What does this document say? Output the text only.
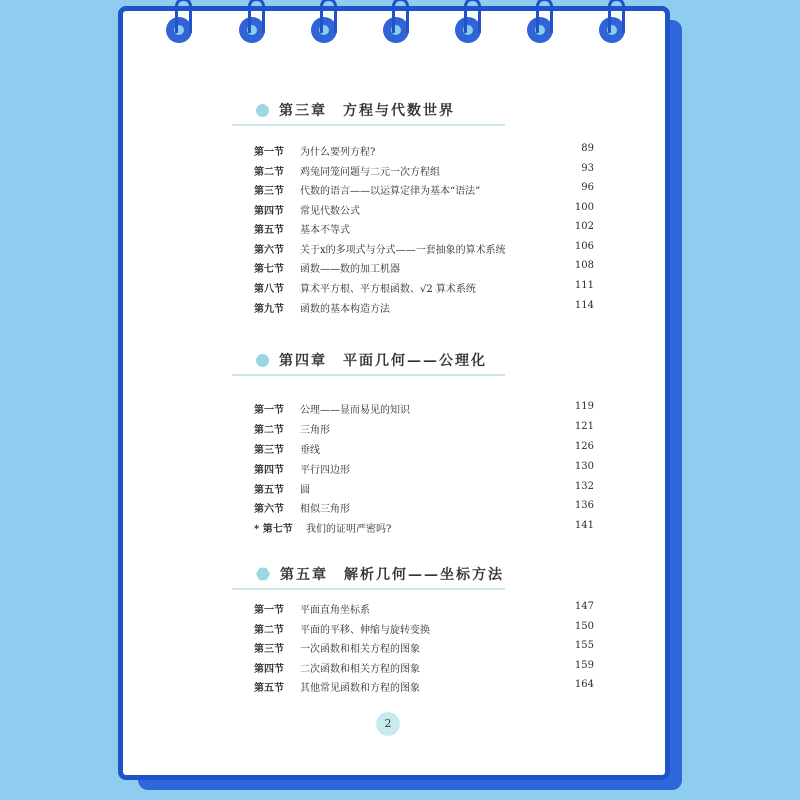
第三章　方程与代数世界
第一节 为什么要列方程?	89
第二节 鸡兔同笼问题与二元一次方程组	93
第三节 代数的语言——以运算定律为基本“语法”	96
第四节 常见代数公式	100
第五节 基本不等式	102
第六节 关于x的多项式与分式——一套抽象的算术系统	106
第七节 函数——数的加工机器	108
第八节 算术平方根、平方根函数、√2 算术系统	111
第九节 函数的基本构造方法	114
第四章　平面几何——公理化
第一节 公理——显而易见的知识	119
第二节 三角形	121
第三节 垂线	126
第四节 平行四边形	130
第五节 圆	132
第六节 相似三角形	136
* 第七节 我们的证明严密吗?	141
第五章　解析几何——坐标方法
第一节 平面直角坐标系	147
第二节 平面的平移、伸缩与旋转变换	150
第三节 一次函数和相关方程的图象	155
第四节 二次函数和相关方程的图象	159
第五节 其他常见函数和方程的图象	164
2
